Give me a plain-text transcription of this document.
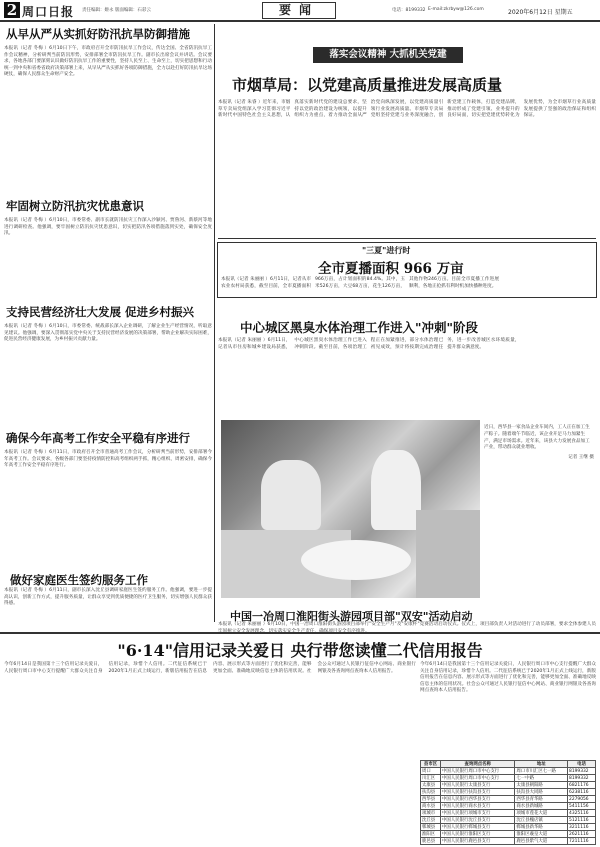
2 周口日报 责任编辑：姬永 版面编辑：石彩云	要闻	电话：8199332 E-mail:zkrbyw@126.com	2020年6月12日 星期五
从早从严从实抓好防汛抗旱防御措施
本报讯（记者 冬梅 ）6月10日下午，市政府召开全市防汛抗旱工作会议，传达全国、全省防汛抗旱工作会议精神，分析研判当前防汛形势，安排部署全市防汛抗旱工作。副市长出席会议并讲话。会议要求，各地各部门要深刻认识做好防汛抗旱工作的重要性，坚持人民至上、生命至上，切实把思想和行动统一到中央和省委省政府决策部署上来，从早从严从实抓好各项防御措施，全力以赴打好防汛抗旱这场硬仗，确保人民群众生命财产安全。
牢固树立防汛抗灾忧患意识
本报讯（记者 冬梅 ）6月10日，市委常委、副市长就防汛抗灾工作深入沙颍河、贾鲁河、新蔡河等地进行调研检查。他强调，要牢固树立防汛抗灾忧患意识，切实把防汛各项措施落到实处，确保安全度汛。
支持民营经济壮大发展 促进乡村振兴
本报讯（记者 冬梅 ）6月10日，市委常委、统战部长深入企业调研，了解企业生产经营情况，听取意见建议。他强调，要深入贯彻落实党中央关于支持民营经济发展的决策部署，帮助企业解决实际困难，促进民营经济健康发展，为乡村振兴贡献力量。
确保今年高考工作安全平稳有序进行
本报讯（记者 冬梅 ）6月11日，市政府召开全市普通高考工作会议，分析研判当前形势，安排部署今年高考工作。会议要求，各级各部门要坚持疫情防控和高考组织两手抓，精心组织、周密安排，确保今年高考工作安全平稳有序进行。
做好家庭医生签约服务工作
本报讯（记者 冬梅 ）6月11日，副市长深入沈丘县调研家庭医生签约服务工作。他强调，要进一步提高认识，创新工作方式，提升服务质量，让群众享受到优质便捷的医疗卫生服务，切实增强人民群众获得感。
落实会议精神 大抓机关党建
市烟草局：以党建高质量推进发展高质量
本报讯（记者 朱睿 ）近年来，市烟草专卖局党组深入学习贯彻习近平新时代中国特色社会主义思想，认真落实新时代党的建设总要求，坚持以党的政治建设为统领，以提升组织力为重点，着力推动全面从严治党向纵深发展，以党建高质量引领行业发展高质量。市烟草专卖局党组坚持党建与业务深度融合，创新党建工作载体，打造党建品牌，推动形成了党建引领、业务提升的良好局面，切实把党建优势转化为发展优势，为全市烟草行业高质量发展提供了坚强的政治保证和组织保证。
"三夏"进行时
全市夏播面积 966 万亩
本报讯（记者 朱丽丽 ）6月11日，记者从市农业农村局获悉，截至目前，全市夏播面积966万亩，占计划面积的84.4%。其中，玉米526万亩，大豆68万亩，花生126万亩，其他作物246万亩。目前全市夏播工作进展顺利，各地正抢抓有利时机加快播种进度。
中心城区黑臭水体治理工作进入"冲刺"阶段
本报讯（记者 朱丽丽 ）6月11日，记者从市住房和城乡建设局获悉，中心城区黑臭水体治理工作已进入冲刺阶段。截至目前，各项治理工程正在加紧推进，部分水体治理已初见成效，预计将按期完成治理任务，进一步改善城区水环境质量，提升群众满意度。
近日，西华县一家食品企业车间内，工人正在加工生产粽子。随着端午节临近，该企业开足马力加紧生产，满足市场需求。近年来，该县大力发展食品加工产业，带动群众就业增收。
记者 王继 摄
中国一冶周口淮阳街头游园项目部"双安"活动启动
本报讯（记者 朱丽丽 ）6月10日，中国一冶周口淮阳街头游园项目部举行"安全生产月"及"安康杯"竞赛活动启动仪式。仪式上，项目部负责人对活动进行了动员部署，要求全体参建人员
"6·14"信用记录关爱日 央行带您读懂二代信用报告
今年6月14日是我国第十三个信用记录关爱日，人民银行周口市中心支行提醒广大群众关注自身信用记录，珍惜个人信用。二代征信系统已于2020年1月正式上线运行，新版信用报告在信息内容、展示形式等方面进行了优化和完善，能够更加全面、准确地反映信息主体的信用状况。社会公众可通过人民银行征信中心网站、商业银行网银及各查询网点查询本人信用报告。
今年6月14日是我国第十三个信用记录关爱日，人民银行周口市中心支行提醒广大群众关注自身信用记录，珍惜个人信用。二代征信系统已于2020年1月正式上线运行，新版信用报告在信息内容、展示形式等方面进行了优化和完善，能够更加全面、准确地反映信息主体的信用状况。社会公众可通过人民银行征信中心网站、商业银行网银及各查询网点查询本人信用报告。
县市区	查询网点名称	地址	电话
周口	中国人民银行周口市中心支行	周口市川汇区七一路	8199332
川汇区	中国人民银行周口市中心支行	七一中路	8199332
太康县	中国人民银行太康县支行	太康县朝阳路	6821176
扶沟县	中国人民银行扶沟县支行	扶沟县大同路	6238116
西华县	中国人民银行西华县支行	西华县青华路	2279056
商水县	中国人民银行商水县支行	商水县新城路	5411156
项城市	中国人民银行项城市支行	项城市莲花大道	4325116
沈丘县	中国人民银行沈丘县支行	沈丘县槐店镇	5121116
郸城县	中国人民银行郸城县支行	郸城县新华路	3211116
淮阳区	中国人民银行淮阳区支行	淮阳区羲皇大道	2621116
鹿邑县	中国人民银行鹿邑县支行	鹿邑县紫气大道	7211116
